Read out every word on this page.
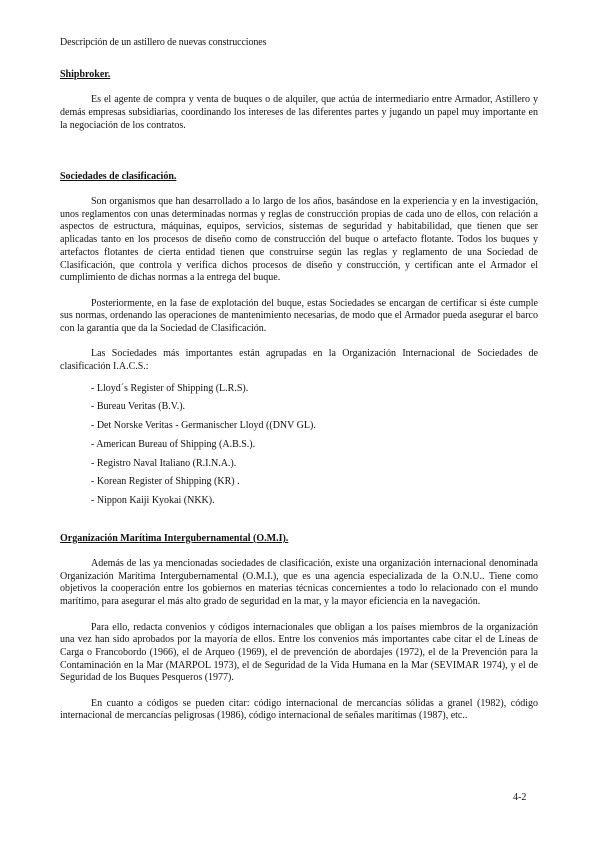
Descripción de un astillero de nuevas construcciones
Shipbroker.

Es el agente de compra y venta de buques o de alquiler, que actúa de intermediario entre Armador, Astillero y demás empresas subsidiarias, coordinando los intereses de las diferentes partes y jugando un papel muy importante en la negociación de los contratos.

Sociedades de clasificación.

Son organismos que han desarrollado a lo largo de los años, basándose en la experiencia y en la investigación, unos reglamentos con unas determinadas normas y reglas de construcción propias de cada uno de ellos, con relación a aspectos de estructura, máquinas, equipos, servicios, sistemas de seguridad y habitabilidad, que tienen que ser aplicadas tanto en los procesos de diseño como de construcción del buque o artefacto flotante. Todos los buques y artefactos flotantes de cierta entidad tienen que construirse según las reglas y reglamento de una Sociedad de Clasificación, que controla y verifica dichos procesos de diseño y construcción, y certifican ante el Armador el cumplimiento de dichas normas a la entrega del buque.

Posteriormente, en la fase de explotación del buque, estas Sociedades se encargan de certificar si éste cumple sus normas, ordenando las operaciones de mantenimiento necesarias, de modo que el Armador pueda asegurar el barco con la garantía que da la Sociedad de Clasificación.

Las Sociedades más importantes están agrupadas en la Organización Internacional de Sociedades de clasificación I.A.C.S.:

- Lloyd´s Register of Shipping (L.R.S).
- Bureau Veritas (B.V.).
- Det Norske Veritas - Germanischer Lloyd ((DNV GL).
- American Bureau of Shipping (A.B.S.).
- Registro Naval Italiano (R.I.N.A.).
- Korean Register of Shipping (KR) .
- Nippon Kaiji Kyokai (NKK).
Organización Marítima Intergubernamental (O.M.I).

Además de las ya mencionadas sociedades de clasificación, existe una organización internacional denominada Organización Marítima Intergubernamental (O.M.I.), que es una agencia especializada de la O.N.U.. Tiene como objetivos la cooperación entre los gobiernos en materias técnicas concernientes a todo lo relacionado con el mundo marítimo, para asegurar el más alto grado de seguridad en la mar, y la mayor eficiencia en la navegación.

Para ello, redacta convenios y códigos internacionales que obligan a los países miembros de la organización una vez han sido aprobados por la mayoría de ellos. Entre los convenios más importantes cabe citar el de Líneas de Carga o Francobordo (1966), el de Arqueo (1969), el de prevención de abordajes (1972), el de la Prevención para la Contaminación en la Mar (MARPOL 1973), el de Seguridad de la Vida Humana en la Mar (SEVIMAR 1974), y el de Seguridad de los Buques Pesqueros (1977).

En cuanto a códigos se pueden citar: código internacional de mercancías sólidas a granel (1982), código internacional de mercancías peligrosas (1986), código internacional de señales marítimas (1987), etc..

4-2
